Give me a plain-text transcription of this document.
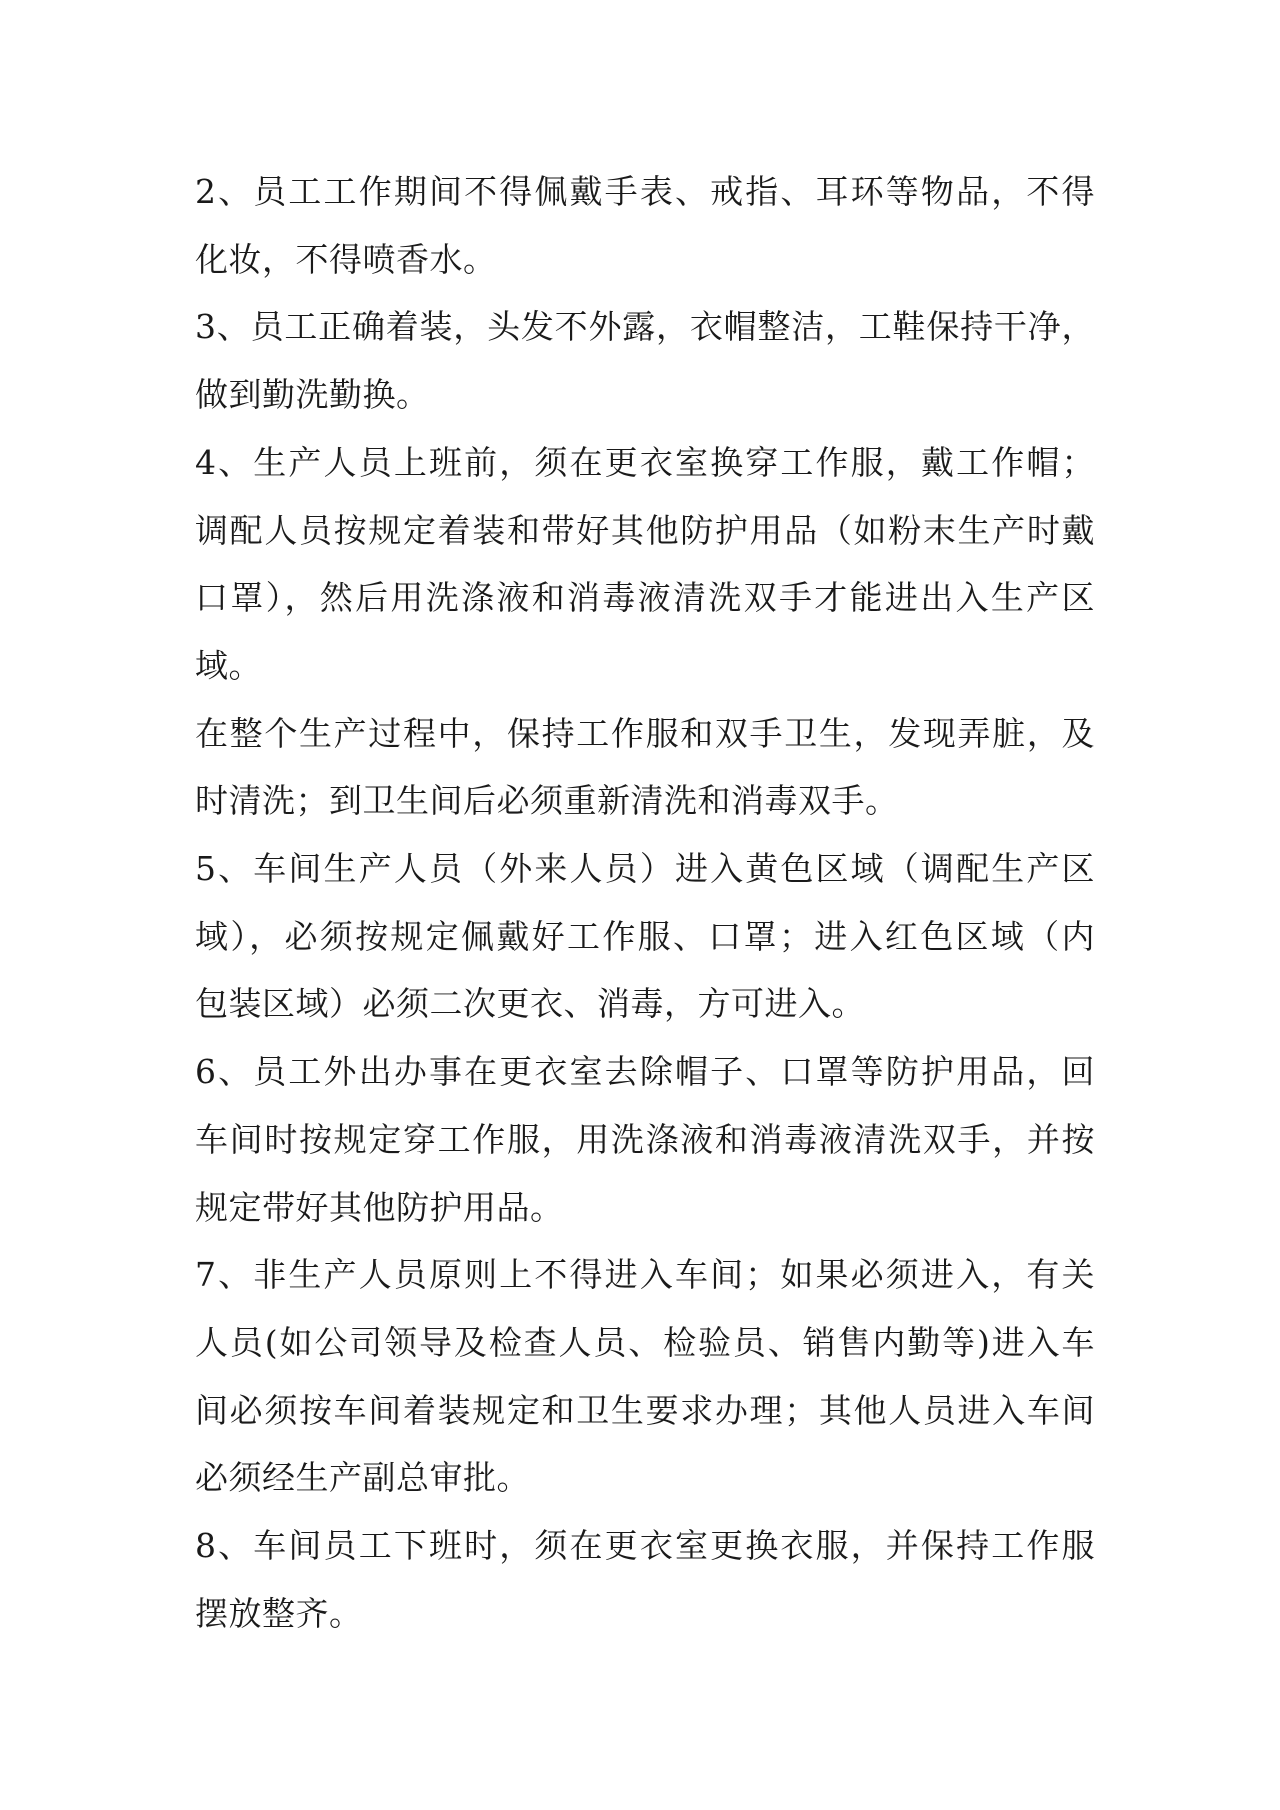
2、员工工作期间不得佩戴手表、戒指、耳环等物品，不得
化妆，不得喷香水。

3、员工正确着装，头发不外露，衣帽整洁，工鞋保持干净，
做到勤洗勤换。

4、生产人员上班前，须在更衣室换穿工作服，戴工作帽；
调配人员按规定着装和带好其他防护用品（如粉末生产时戴
口罩），然后用洗涤液和消毒液清洗双手才能进出入生产区
域。

在整个生产过程中，保持工作服和双手卫生，发现弄脏，及
时清洗；到卫生间后必须重新清洗和消毒双手。

5、车间生产人员（外来人员）进入黄色区域（调配生产区
域），必须按规定佩戴好工作服、口罩；进入红色区域（内
包装区域）必须二次更衣、消毒，方可进入。

6、员工外出办事在更衣室去除帽子、口罩等防护用品，回
车间时按规定穿工作服，用洗涤液和消毒液清洗双手，并按
规定带好其他防护用品。

7、非生产人员原则上不得进入车间；如果必须进入，有关
人员(如公司领导及检查人员、检验员、销售内勤等)进入车
间必须按车间着装规定和卫生要求办理；其他人员进入车间
必须经生产副总审批。

8、车间员工下班时，须在更衣室更换衣服，并保持工作服
摆放整齐。
